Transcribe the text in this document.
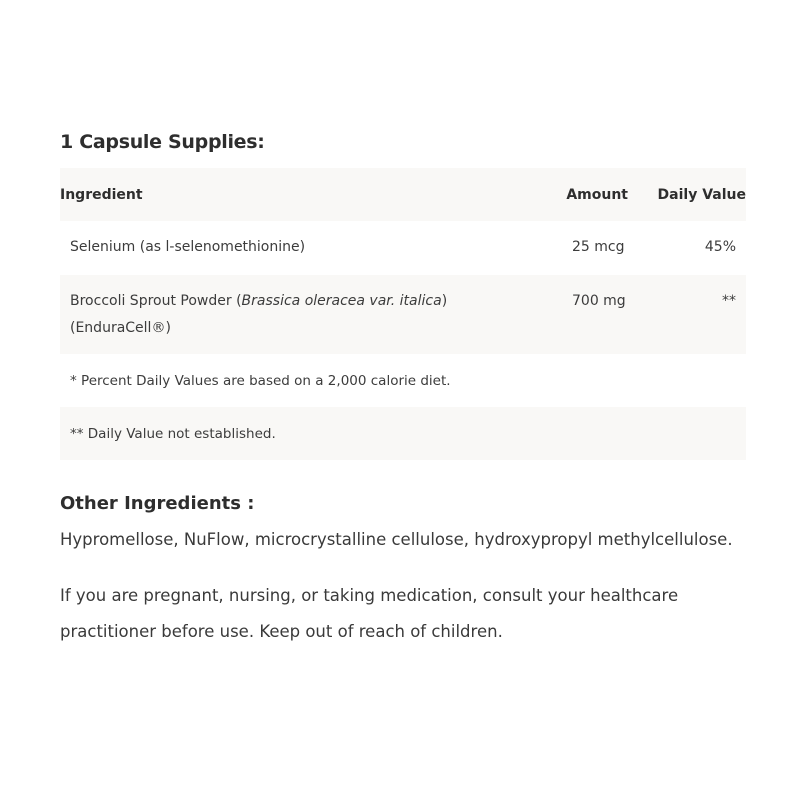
1 Capsule Supplies:
Ingredient	Amount	Daily Value
Selenium (as l-selenomethionine)	25 mcg	45%
Broccoli Sprout Powder (Brassica oleracea var. italica)
(EnduraCell®)	700 mg	**
* Percent Daily Values are based on a 2,000 calorie diet.		
** Daily Value not established.		
Other Ingredients :

Hypromellose, NuFlow, microcrystalline cellulose, hydroxypropyl methylcellulose.

If you are pregnant, nursing, or taking medication, consult your healthcare practitioner before use. Keep out of reach of children.
